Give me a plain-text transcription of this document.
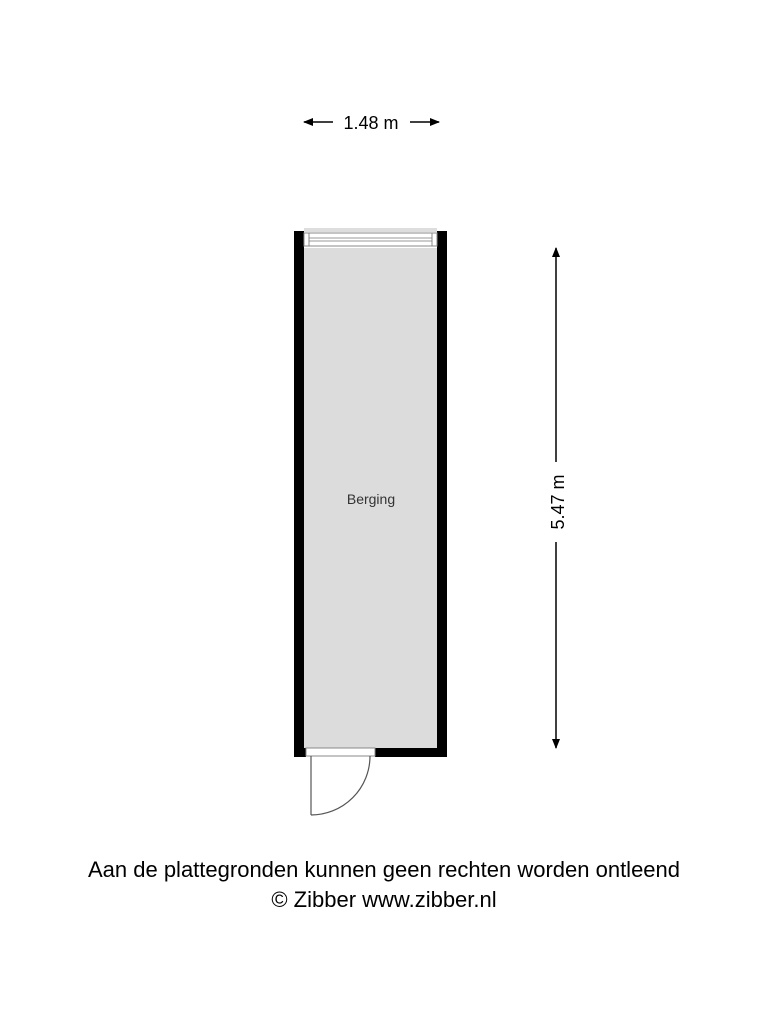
1.48 m
5.47 m
Berging
Aan de plattegronden kunnen geen rechten worden ontleend
© Zibber www.zibber.nl
